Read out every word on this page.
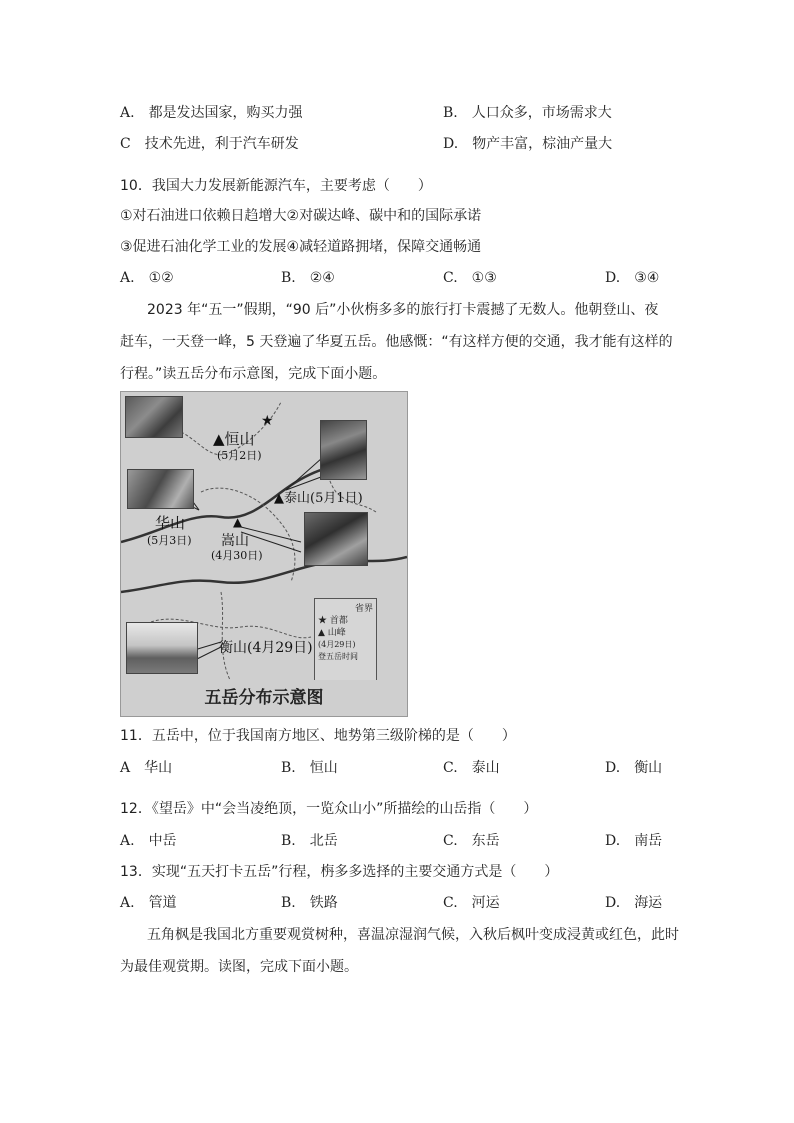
A. 都是发达国家，购买力强	B. 人口众多，市场需求大
C 技术先进，利于汽车研发	D. 物产丰富，棕油产量大
10．我国大力发展新能源汽车，主要考虑（　　）
①对石油进口依赖日趋增大②对碳达峰、碳中和的国际承诺
③促进石油化学工业的发展④减轻道路拥堵，保障交通畅通
A. ①②	B. ②④	C. ①③	D. ③④
2023 年“五一”假期，“90 后”小伙栴多多的旅行打卡震撼了无数人。他朝登山、夜
赶车，一天登一峰，5 天登遍了华夏五岳。他感慨：“有这样方便的交通，我才能有这样的
行程。”读五岳分布示意图，完成下面小题。
★
▲恒山
(5月2日)
▲泰山(5月1日)
华山
(5月3日)
▲
嵩山
(4月30日)
衡山(4月29日)
省界
★ 首都
▲ 山峰
(4月29日)
登五岳时间
五岳分布示意图
11．五岳中，位于我国南方地区、地势第三级阶梯的是（　　）
A 华山	B. 恒山	C. 泰山	D. 衡山
12．《望岳》中“会当凌绝顶，一览众山小”所描绘的山岳指（　　）
A. 中岳	B. 北岳	C. 东岳	D. 南岳
13．实现“五天打卡五岳”行程，栴多多选择的主要交通方式是（　　）
A. 管道	B. 铁路	C. 河运	D. 海运
五角枫是我国北方重要观赏树种，喜温凉湿润气候，入秋后枫叶变成浸黄或红色，此时
为最佳观赏期。读图，完成下面小题。
